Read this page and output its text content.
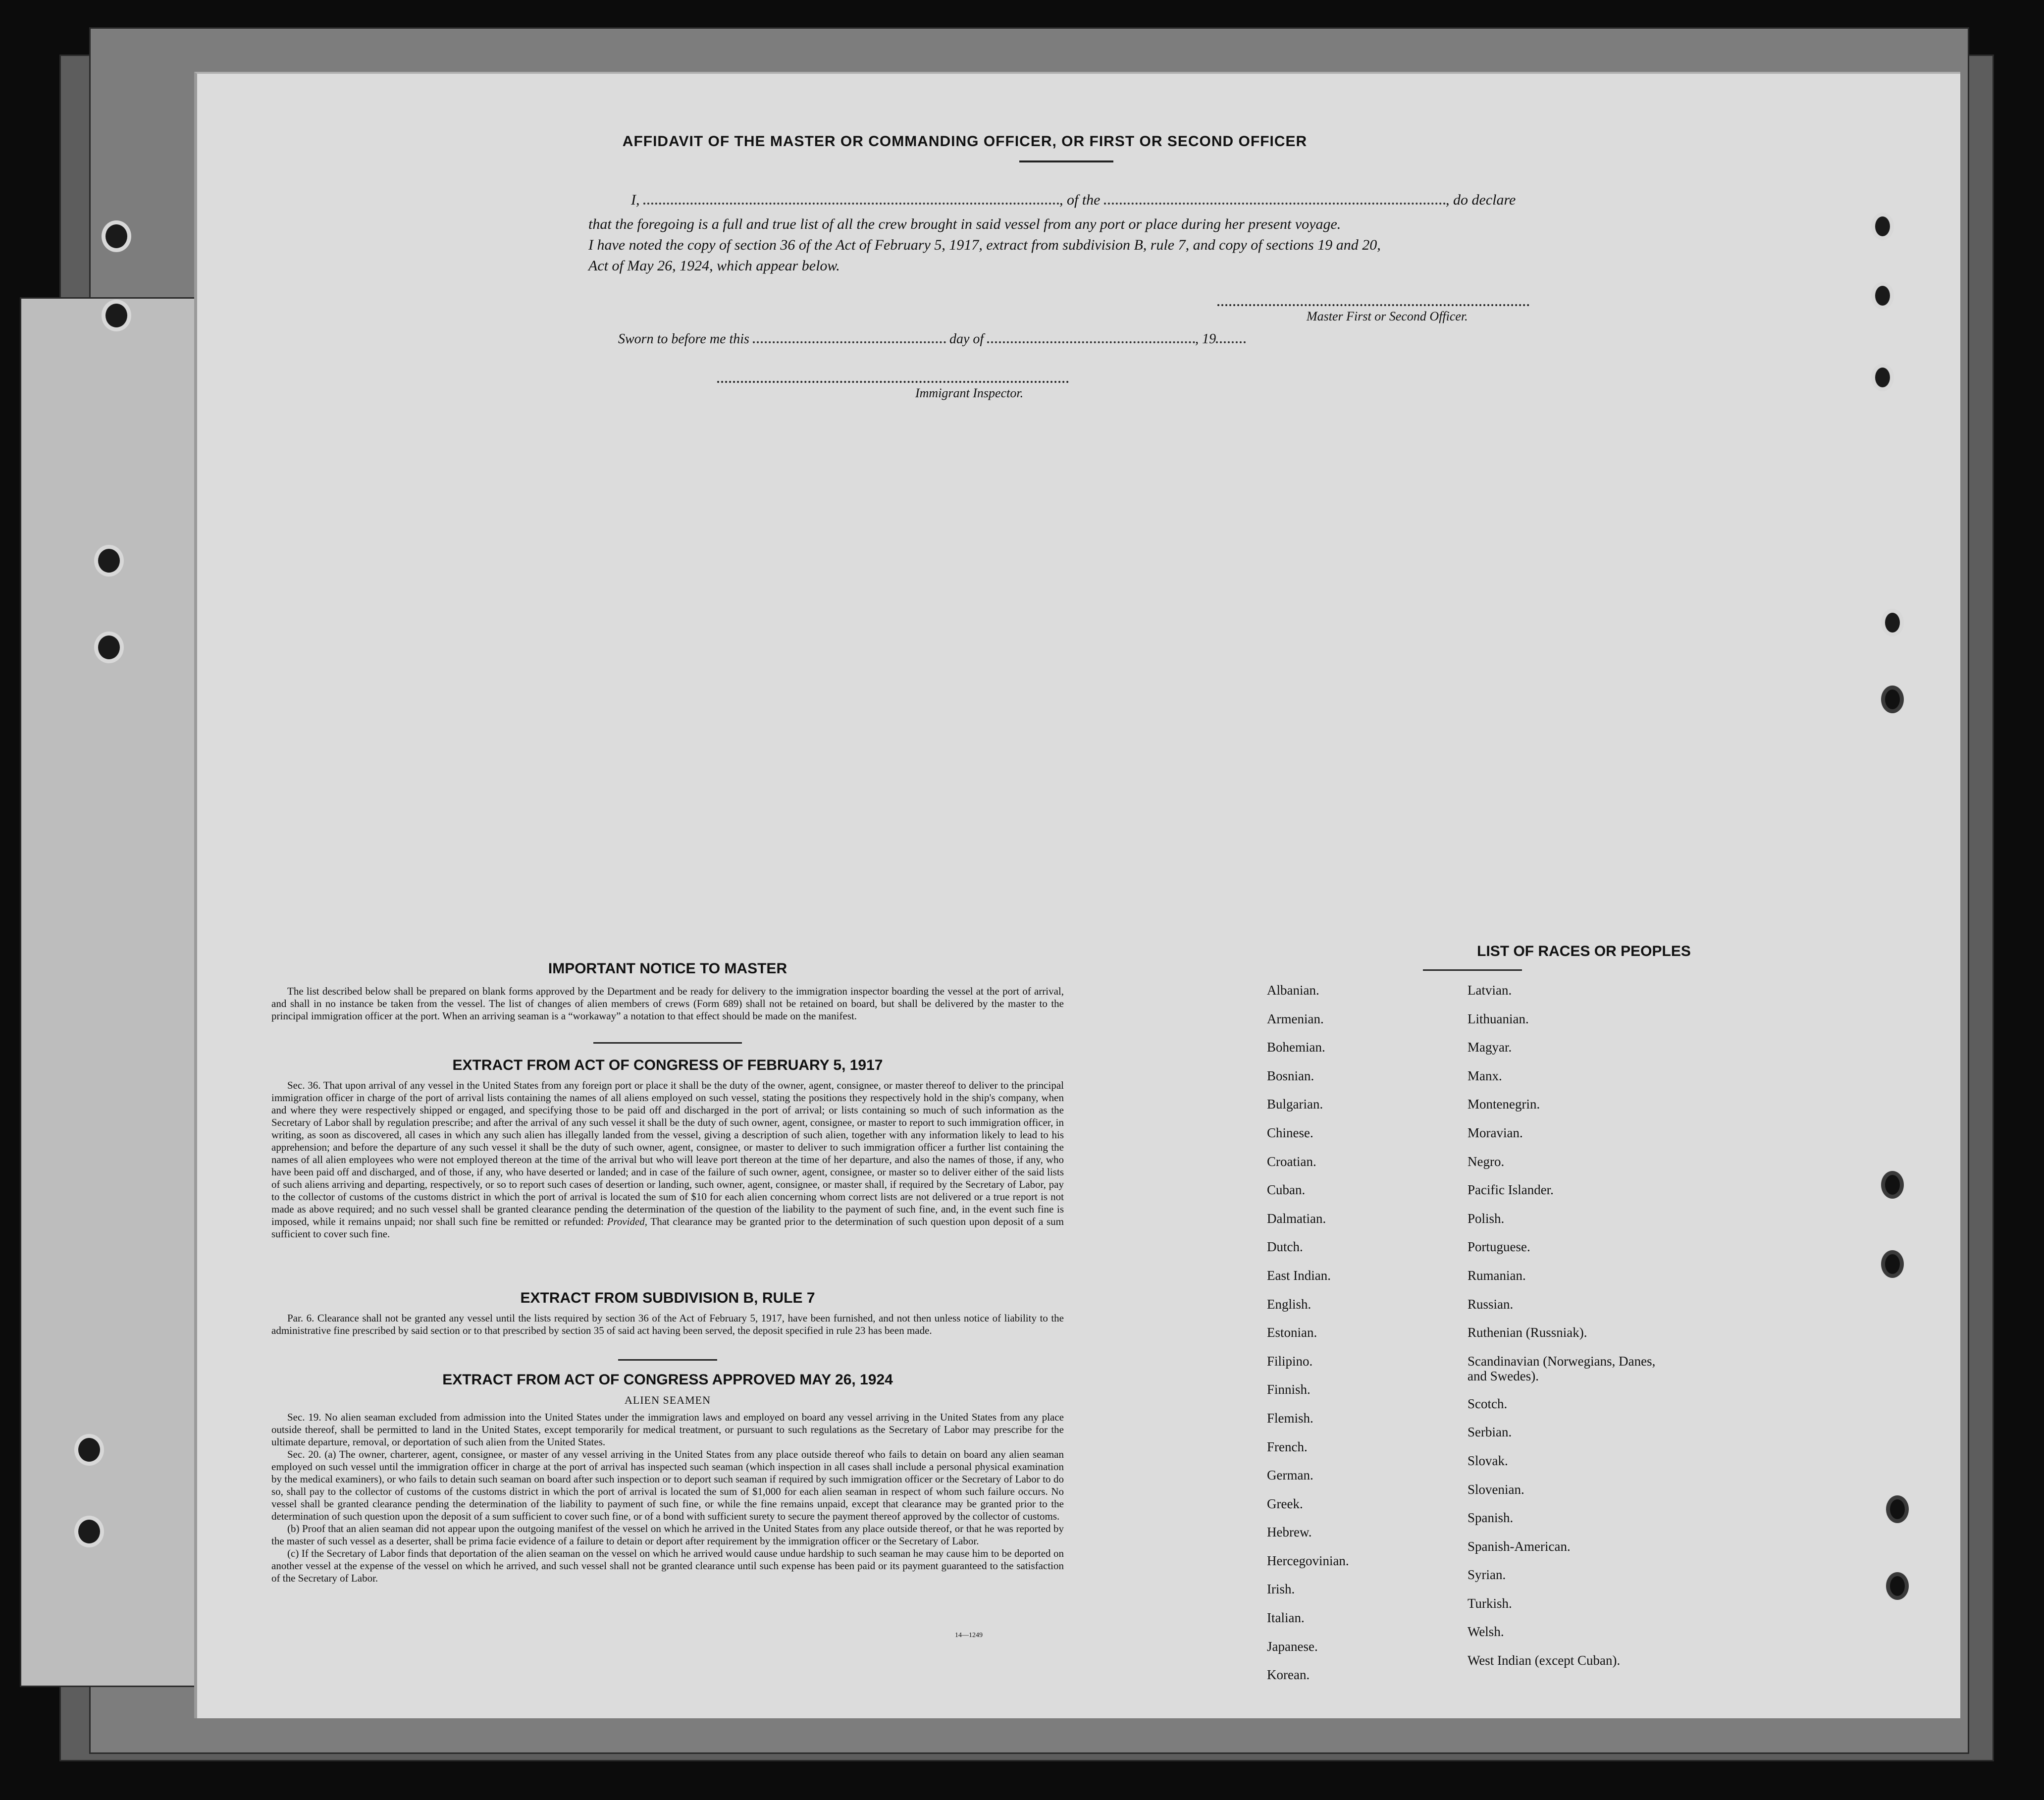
AFFIDAVIT OF THE MASTER OR COMMANDING OFFICER, OR FIRST OR SECOND OFFICER
I,	, of the	, do declare
that the foregoing is a full and true list of all the crew brought in said vessel from any port or place during her present voyage.
I have noted the copy of section 36 of the Act of February 5, 1917, extract from subdivision B, rule 7, and copy of sections 19 and 20,
Act of May 26, 1924, which appear below.
Master First or Second Officer.
Sworn to before me this	day of	, 19
Immigrant Inspector.
IMPORTANT NOTICE TO MASTER

The list described below shall be prepared on blank forms approved by the Department and be ready for delivery to the immigration inspector boarding the vessel at the port of arrival, and shall in no instance be taken from the vessel. The list of changes of alien members of crews (Form 689) shall not be retained on board, but shall be delivered by the master to the principal immigration officer at the port. When an arriving seaman is a “workaway” a notation to that effect should be made on the manifest.

EXTRACT FROM ACT OF CONGRESS OF FEBRUARY 5, 1917

Sec. 36. That upon arrival of any vessel in the United States from any foreign port or place it shall be the duty of the owner, agent, consignee, or master thereof to deliver to the principal immigration officer in charge of the port of arrival lists containing the names of all aliens employed on such vessel, stating the positions they respectively hold in the ship's company, when and where they were respectively shipped or engaged, and specifying those to be paid off and discharged in the port of arrival; or lists containing so much of such information as the Secretary of Labor shall by regulation prescribe; and after the arrival of any such vessel it shall be the duty of such owner, agent, consignee, or master to report to such immigration officer, in writing, as soon as discovered, all cases in which any such alien has illegally landed from the vessel, giving a description of such alien, together with any information likely to lead to his apprehension; and before the departure of any such vessel it shall be the duty of such owner, agent, consignee, or master to deliver to such immigration officer a further list containing the names of all alien employees who were not employed thereon at the time of the arrival but who will leave port thereon at the time of her departure, and also the names of those, if any, who have been paid off and discharged, and of those, if any, who have deserted or landed; and in case of the failure of such owner, agent, consignee, or master so to deliver either of the said lists of such aliens arriving and departing, respectively, or so to report such cases of desertion or landing, such owner, agent, consignee, or master shall, if required by the Secretary of Labor, pay to the collector of customs of the customs district in which the port of arrival is located the sum of $10 for each alien concerning whom correct lists are not delivered or a true report is not made as above required; and no such vessel shall be granted clearance pending the determination of the question of the liability to the payment of such fine, and, in the event such fine is imposed, while it remains unpaid; nor shall such fine be remitted or refunded: Provided, That clearance may be granted prior to the determination of such question upon deposit of a sum sufficient to cover such fine.

EXTRACT FROM SUBDIVISION B, RULE 7

Par. 6. Clearance shall not be granted any vessel until the lists required by section 36 of the Act of February 5, 1917, have been furnished, and not then unless notice of liability to the administrative fine prescribed by said section or to that prescribed by section 35 of said act having been served, the deposit specified in rule 23 has been made.

EXTRACT FROM ACT OF CONGRESS APPROVED MAY 26, 1924
ALIEN SEAMEN

Sec. 19. No alien seaman excluded from admission into the United States under the immigration laws and employed on board any vessel arriving in the United States from any place outside thereof, shall be permitted to land in the United States, except temporarily for medical treatment, or pursuant to such regulations as the Secretary of Labor may prescribe for the ultimate departure, removal, or deportation of such alien from the United States.

Sec. 20. (a) The owner, charterer, agent, consignee, or master of any vessel arriving in the United States from any place outside thereof who fails to detain on board any alien seaman employed on such vessel until the immigration officer in charge at the port of arrival has inspected such seaman (which inspection in all cases shall include a personal physical examination by the medical examiners), or who fails to detain such seaman on board after such inspection or to deport such seaman if required by such immigration officer or the Secretary of Labor to do so, shall pay to the collector of customs of the customs district in which the port of arrival is located the sum of $1,000 for each alien seaman in respect of whom such failure occurs. No vessel shall be granted clearance pending the determination of the liability to payment of such fine, or while the fine remains unpaid, except that clearance may be granted prior to the determination of such question upon the deposit of a sum sufficient to cover such fine, or of a bond with sufficient surety to secure the payment thereof approved by the collector of customs.

(b) Proof that an alien seaman did not appear upon the outgoing manifest of the vessel on which he arrived in the United States from any place outside thereof, or that he was reported by the master of such vessel as a deserter, shall be prima facie evidence of a failure to detain or deport after requirement by the immigration officer or the Secretary of Labor.

(c) If the Secretary of Labor finds that deportation of the alien seaman on the vessel on which he arrived would cause undue hardship to such seaman he may cause him to be deported on another vessel at the expense of the vessel on which he arrived, and such vessel shall not be granted clearance until such expense has been paid or its payment guaranteed to the satisfaction of the Secretary of Labor.

14—1249
LIST OF RACES OR PEOPLES
Albanian.
Armenian.
Bohemian.
Bosnian.
Bulgarian.
Chinese.
Croatian.
Cuban.
Dalmatian.
Dutch.
East Indian.
English.
Estonian.
Filipino.
Finnish.
Flemish.
French.
German.
Greek.
Hebrew.
Hercegovinian.
Irish.
Italian.
Japanese.
Korean.
Latvian.
Lithuanian.
Magyar.
Manx.
Montenegrin.
Moravian.
Negro.
Pacific Islander.
Polish.
Portuguese.
Rumanian.
Russian.
Ruthenian (Russniak).
Scandinavian (Norwegians, Danes, and Swedes).
Scotch.
Serbian.
Slovak.
Slovenian.
Spanish.
Spanish-American.
Syrian.
Turkish.
Welsh.
West Indian (except Cuban).
